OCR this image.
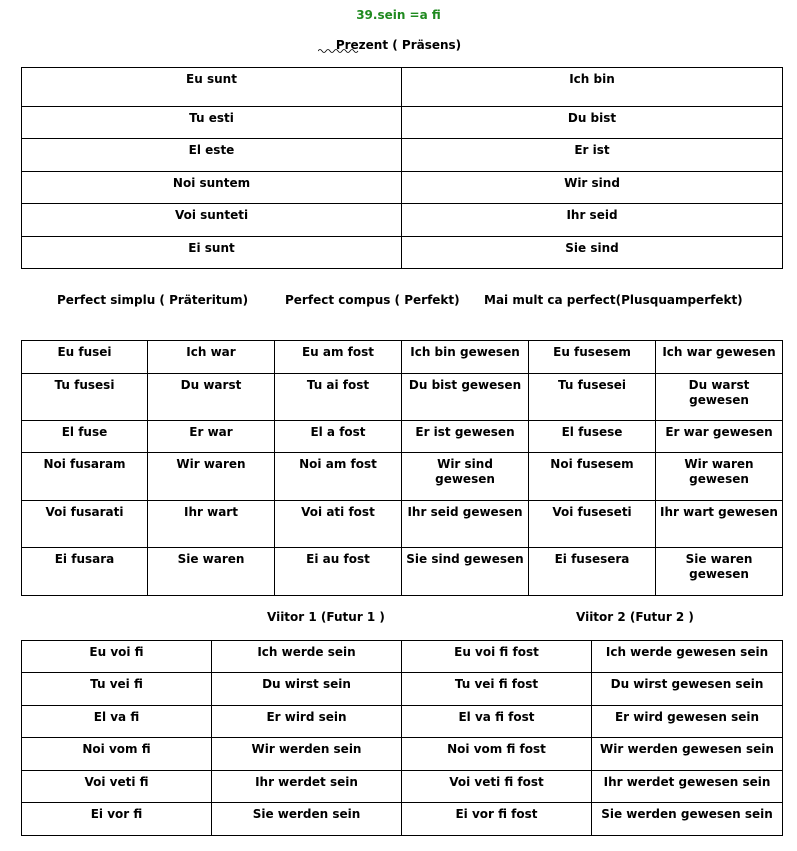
39.sein =a fi
Prezent ( Präsens)
Eu sunt	Ich bin
Tu esti	Du bist
El este	Er ist
Noi suntem	Wir sind
Voi sunteti	Ihr seid
Ei sunt	Sie sind
Perfect simplu ( Präteritum)	Perfect compus ( Perfekt) Mai mult ca perfect(Plusquamperfekt)
Eu fusei	Ich war	Eu am fost	Ich bin gewesen	Eu fusesem	Ich war gewesen
Tu fusesi	Du warst	Tu ai fost	Du bist gewesen	Tu fusesei	Du warst gewesen
El fuse	Er war	El a fost	Er ist gewesen	El fusese	Er war gewesen
Noi fusaram	Wir waren	Noi am fost	Wir sind gewesen	Noi fusesem	Wir waren gewesen
Voi fusarati	Ihr wart	Voi ati fost	Ihr seid gewesen	Voi fuseseti	Ihr wart gewesen
Ei fusara	Sie waren	Ei au fost	Sie sind gewesen	Ei fusesera	Sie waren gewesen
Viitor 1 (Futur 1 )	Viitor 2 (Futur 2 )
Eu voi fi	Ich werde sein	Eu voi fi fost	Ich werde gewesen sein
Tu vei fi	Du wirst sein	Tu vei fi fost	Du wirst gewesen sein
El va fi	Er wird sein	El va fi fost	Er wird gewesen sein
Noi vom fi	Wir werden sein	Noi vom fi fost	Wir werden gewesen sein
Voi veti fi	Ihr werdet sein	Voi veti fi fost	Ihr werdet gewesen sein
Ei vor fi	Sie werden sein	Ei vor fi fost	Sie werden gewesen sein
